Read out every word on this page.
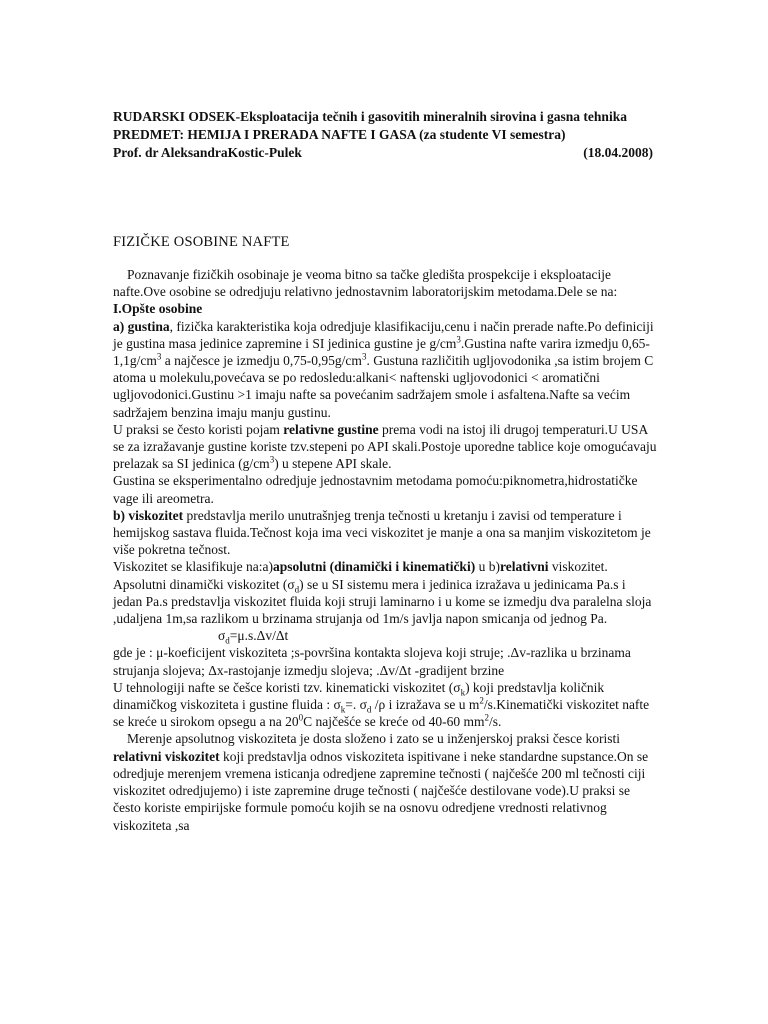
RUDARSKI ODSEK-Eksploatacija tečnih i gasovitih mineralnih sirovina i gasna tehnika
PREDMET: HEMIJA I PRERADA NAFTE I GASA (za studente VI semestra)
Prof. dr AleksandraKostic-Pulek	(18.04.2008)
FIZIČKE OSOBINE NAFTE

Poznavanje fizičkih osobinaje je veoma bitno sa tačke gledišta prospekcije i eksploatacije nafte.Ove osobine se odredjuju relativno jednostavnim laboratorijskim metodama.Dele se na:

I.Opšte osobine

a) gustina, fizička karakteristika koja odredjuje klasifikaciju,cenu i način prerade nafte.Po definiciji je gustina masa jedinice zapremine i SI jedinica gustine je $g/cm^3.Gustina$ nafte varira izmedju $0,65-1,1g/cm^3$ a najčesce je izmedju $0,75-0,95g/cm^3$. Gustuna različitih ugljovodonika ,sa istim brojem C atoma u molekulu,povećava se po redosledu:alkani< naftenski ugljovodonici < aromatični ugljovodonici.Gustinu >1 imaju nafte sa povećanim sadržajem smole i asfaltena.Nafte sa većim sadržajem benzina imaju manju gustinu.

U praksi se često koristi pojam relativne gustine prema vodi na istoj ili drugoj temperaturi.U USA se za izražavanje gustine koriste tzv.stepeni po API skali.Postoje uporedne tablice koje omogućavaju prelazak sa SI jedinica $(g/cm^3)$ u stepene API skale.

Gustina se eksperimentalno odredjuje jednostavnim metodama pomoću:piknometra,hidrostatičke vage ili areometra.

b) viskozitet predstavlja merilo unutrašnjeg trenja tečnosti u kretanju i zavisi od temperature i hemijskog sastava fluida.Tečnost koja ima veci viskozitet je manje a ona sa manjim viskozitetom je više pokretna tečnost.

Viskozitet se klasifikuje na:a)apsolutni (dinamički i kinematički) u b)relativni viskozitet. Apsolutni dinamički viskozitet $(\sigma_d)$ se u SI sistemu mera i jedinica izražava u jedinicama Pa.s i jedan Pa.s predstavlja viskozitet fluida koji struji laminarno i u kome se izmedju dva paralelna sloja ,udaljena 1m,sa razlikom u brzinama strujanja od 1m/s javlja napon smicanja od jednog Pa.

$\sigma_d=\mu.s.\Delta v/\Delta t$

gde je : μ-koeficijent viskoziteta ;s-površina kontakta slojeva koji struje; .Δv-razlika u brzinama strujanja slojeva; Δx-rastojanje izmedju slojeva; .Δv/Δt -gradijent brzine

U tehnologiji nafte se češce koristi tzv. kinematicki viskozitet $(\sigma_k)$ koji predstavlja količnik dinamičkog viskoziteta i gustine fluida : $\sigma_k=$. $\sigma_d$ /ρ i izražava se u $m^2/s.Kinematički$ viskozitet nafte se kreće u sirokom opsegu a na $20^0C$ najčešće se kreće od 40-60 $mm^2/s$.

Merenje apsolutnog viskoziteta je dosta složeno i zato se u inženjerskoj praksi česce koristi relativni viskozitet koji predstavlja odnos viskoziteta ispitivane i neke standardne supstance.On se odredjuje merenjem vremena isticanja odredjene zapremine tečnosti ( najčešće 200 ml tečnosti ciji viskozitet odredjujemo) i iste zapremine druge tečnosti ( najčešće destilovane vode).U praksi se često koriste empirijske formule pomoću kojih se na osnovu odredjene vrednosti relativnog viskoziteta ,sa
